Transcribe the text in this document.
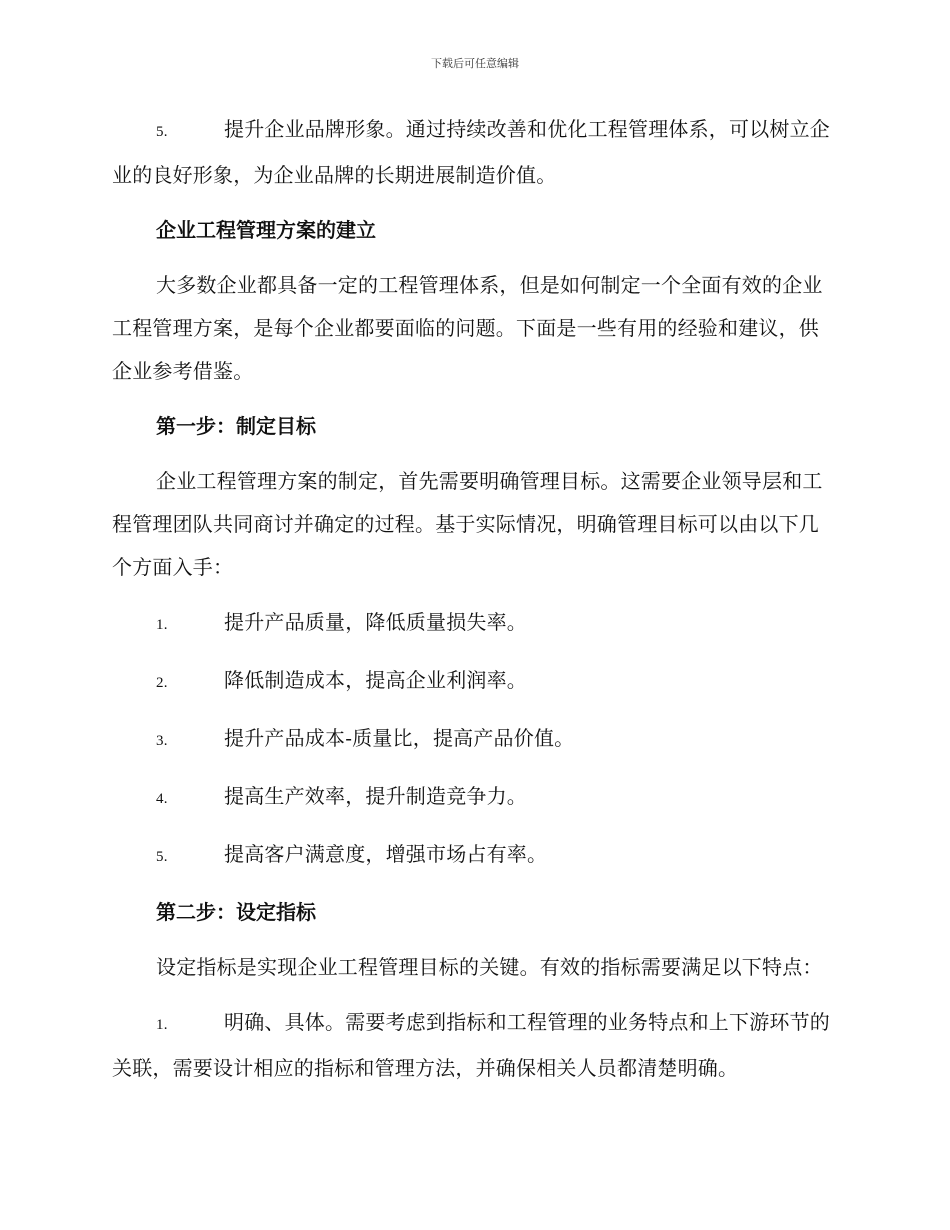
下载后可任意编辑
5.	提升企业品牌形象。通过持续改善和优化工程管理体系，可以树立企业的良好形象，为企业品牌的长期进展制造价值。
企业工程管理方案的建立
大多数企业都具备一定的工程管理体系，但是如何制定一个全面有效的企业工程管理方案，是每个企业都要面临的问题。下面是一些有用的经验和建议，供企业参考借鉴。
第一步：制定目标
企业工程管理方案的制定，首先需要明确管理目标。这需要企业领导层和工程管理团队共同商讨并确定的过程。基于实际情况，明确管理目标可以由以下几个方面入手：
1.	提升产品质量，降低质量损失率。
2.	降低制造成本，提高企业利润率。
3.	提升产品成本-质量比，提高产品价值。
4.	提高生产效率，提升制造竞争力。
5.	提高客户满意度，增强市场占有率。
第二步：设定指标
设定指标是实现企业工程管理目标的关键。有效的指标需要满足以下特点：
1.	明确、具体。需要考虑到指标和工程管理的业务特点和上下游环节的关联，需要设计相应的指标和管理方法，并确保相关人员都清楚明确。
